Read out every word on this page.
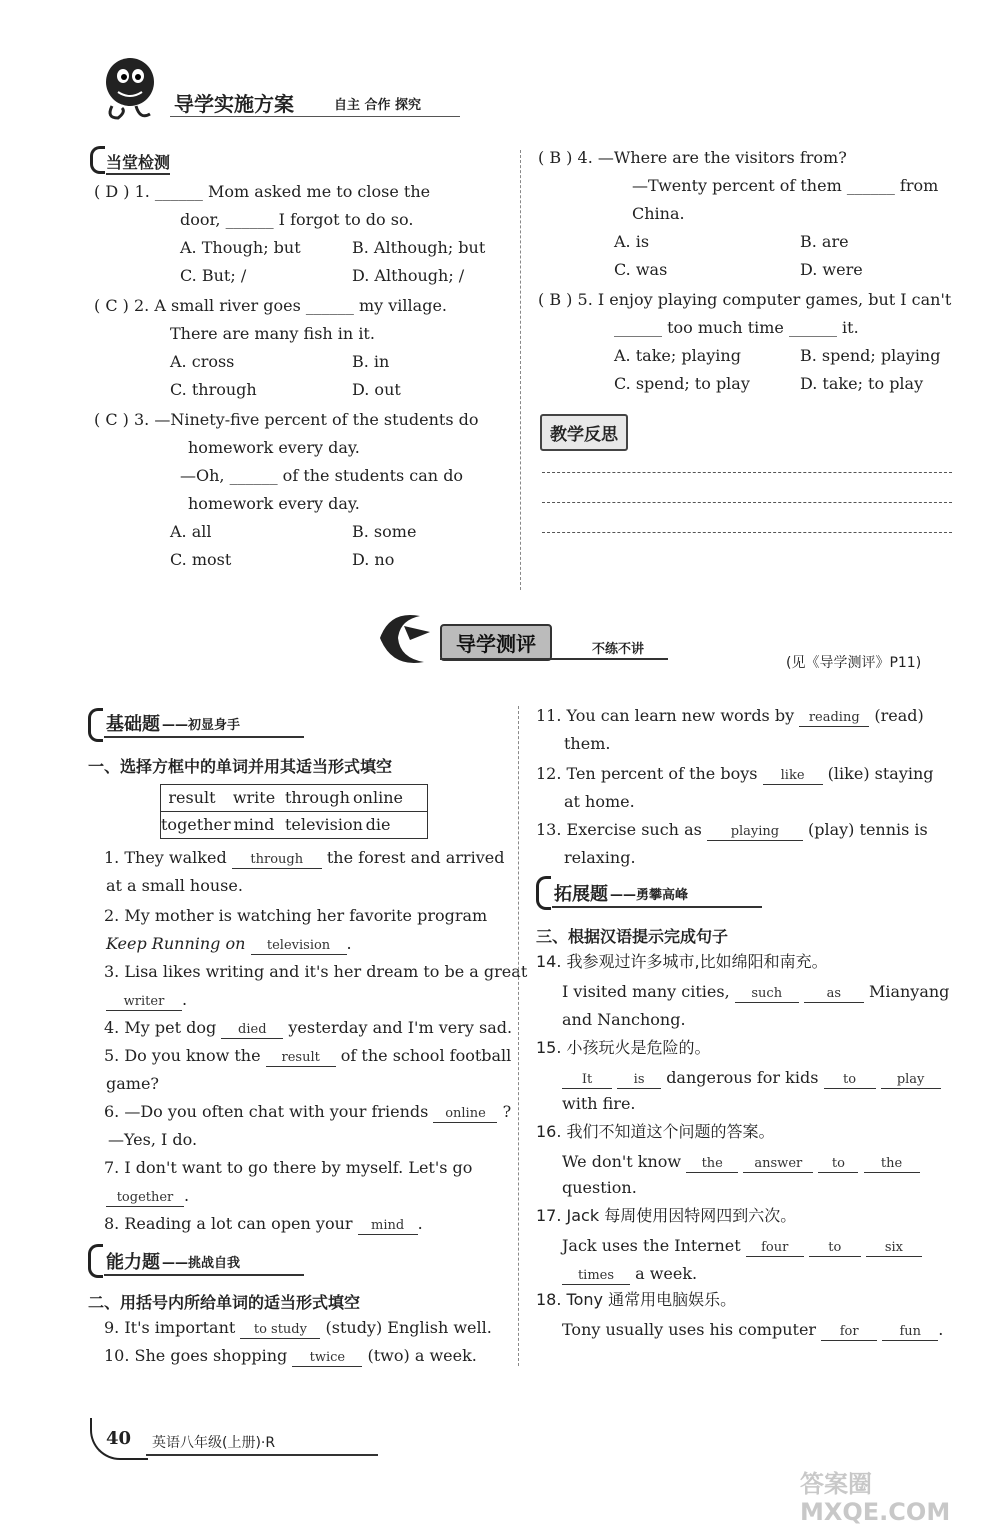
导学实施方案	自主 合作 探究
当堂检测
( D ) 1. ______ Mom asked me to close the
door, ______ I forgot to do so.
A. Though; but	B. Although; but
C. But; /	D. Although; /
( C ) 2. A small river goes ______ my village.
There are many fish in it.
A. cross	B. in
C. through	D. out
( C ) 3. —Ninety-five percent of the students do
homework every day.
—Oh, ______ of the students can do
homework every day.
A. all	B. some
C. most	D. no
( B ) 4. —Where are the visitors from?
—Twenty percent of them ______ from
China.
A. is	B. are
C. was	D. were
( B ) 5. I enjoy playing computer games, but I can't
______ too much time ______ it.
A. take; playing	B. spend; playing
C. spend; to play	D. take; to play
教学反思
导学测评	不练不讲
(见《导学测评》P11)
基础题 ——初显身手
一、选择方框中的单词并用其适当形式填空
result write through online
together mind television die
1. They walked through the forest and arrived
at a small house.
2. My mother is watching her favorite program
Keep Running on television .
3. Lisa likes writing and it's her dream to be a great
writer .
4. My pet dog died yesterday and I'm very sad.
5. Do you know the result of the school football
game?
6. —Do you often chat with your friends online ?
—Yes, I do.
7. I don't want to go there by myself. Let's go
together .
8. Reading a lot can open your mind .
能力题 ——挑战自我
二、用括号内所给单词的适当形式填空
9. It's important to study (study) English well.
10. She goes shopping twice (two) a week.
11. You can learn new words by reading (read)
them.
12. Ten percent of the boys like (like) staying
at home.
13. Exercise such as playing (play) tennis is
relaxing.
拓展题 ——勇攀高峰
三、根据汉语提示完成句子
14. 我参观过许多城市,比如绵阳和南充。
I visited many cities, such	as Mianyang
and Nanchong.
15. 小孩玩火是危险的。
It	is dangerous for kids to	play
with fire.
16. 我们不知道这个问题的答案。
We don't know the answer to	the
question.
17. Jack 每周使用因特网四到六次。
Jack uses the Internet four	to	six
times a week.
18. Tony 通常用电脑娱乐。
Tony usually uses his computer for	fun .
40 英语八年级(上册)·R
答案圈 MXQE.COM
